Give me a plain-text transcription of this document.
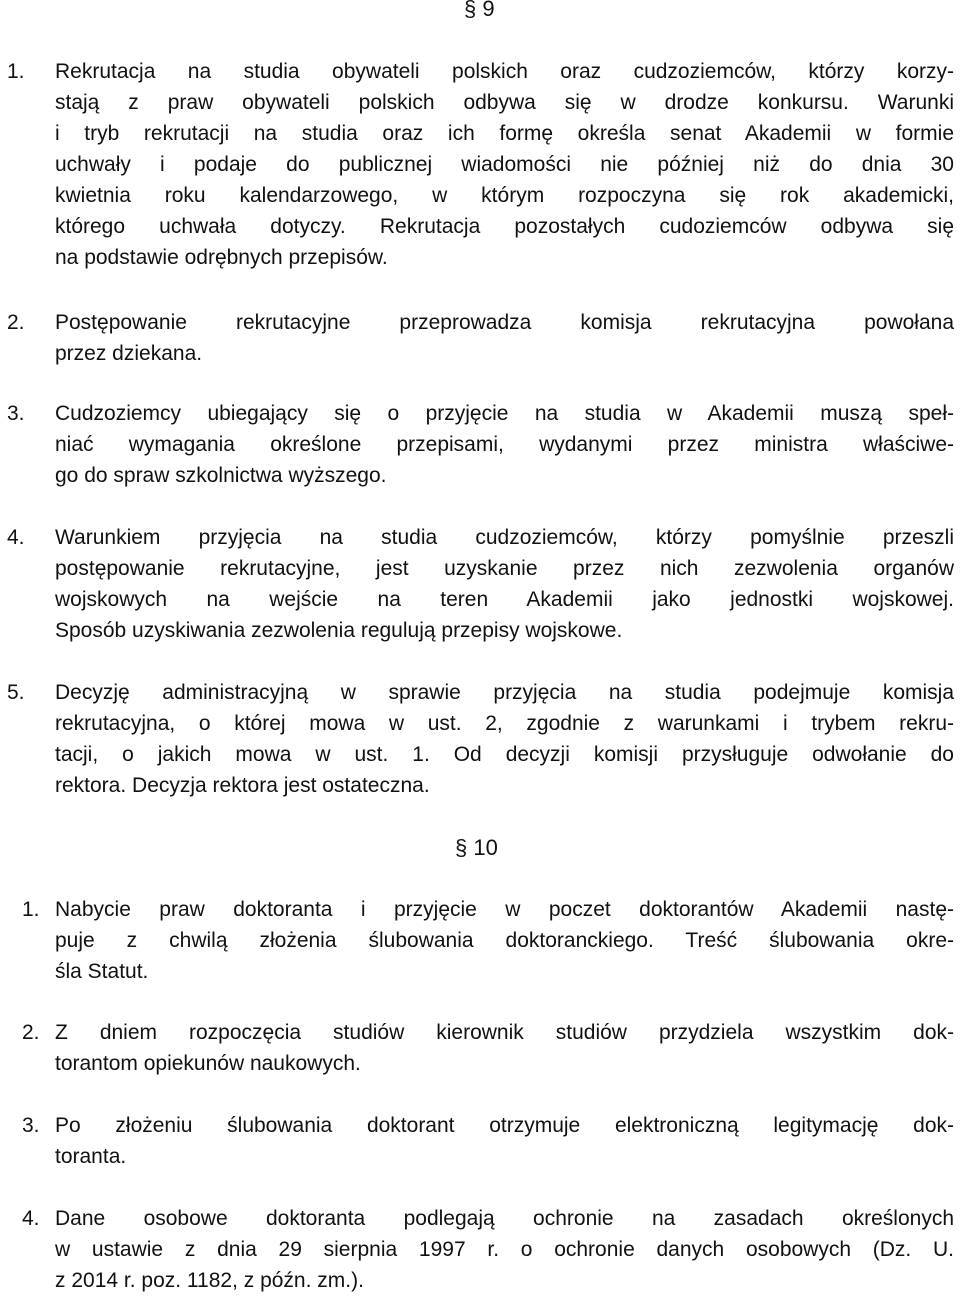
§ 9
1. Rekrutacja na studia obywateli polskich oraz cudzoziemców, którzy korzy-
stają z praw obywateli polskich odbywa się w drodze konkursu. Warunki
i tryb rekrutacji na studia oraz ich formę określa senat Akademii w formie
uchwały i podaje do publicznej wiadomości nie później niż do dnia 30
kwietnia roku kalendarzowego, w którym rozpoczyna się rok akademicki,
którego uchwała dotyczy. Rekrutacja pozostałych cudoziemców odbywa się
na podstawie odrębnych przepisów.
2. Postępowanie rekrutacyjne przeprowadza komisja rekrutacyjna powołana
przez dziekana.
3. Cudzoziemcy ubiegający się o przyjęcie na studia w Akademii muszą speł-
niać wymagania określone przepisami, wydanymi przez ministra właściwe-
go do spraw szkolnictwa wyższego.
4. Warunkiem przyjęcia na studia cudzoziemców, którzy pomyślnie przeszli
postępowanie rekrutacyjne, jest uzyskanie przez nich zezwolenia organów
wojskowych na wejście na teren Akademii jako jednostki wojskowej.
Sposób uzyskiwania zezwolenia regulują przepisy wojskowe.
5. Decyzję administracyjną w sprawie przyjęcia na studia podejmuje komisja
rekrutacyjna, o której mowa w ust. 2, zgodnie z warunkami i trybem rekru-
tacji, o jakich mowa w ust. 1. Od decyzji komisji przysługuje odwołanie do
rektora. Decyzja rektora jest ostateczna.
§ 10
1. Nabycie praw doktoranta i przyjęcie w poczet doktorantów Akademii nastę-
puje z chwilą złożenia ślubowania doktoranckiego. Treść ślubowania okre-
śla Statut.
2. Z dniem rozpoczęcia studiów kierownik studiów przydziela wszystkim dok-
torantom opiekunów naukowych.
3. Po złożeniu ślubowania doktorant otrzymuje elektroniczną legitymację dok-
toranta.
4. Dane osobowe doktoranta podlegają ochronie na zasadach określonych
w ustawie z dnia 29 sierpnia 1997 r. o ochronie danych osobowych (Dz. U.
z 2014 r. poz. 1182, z późn. zm.).
